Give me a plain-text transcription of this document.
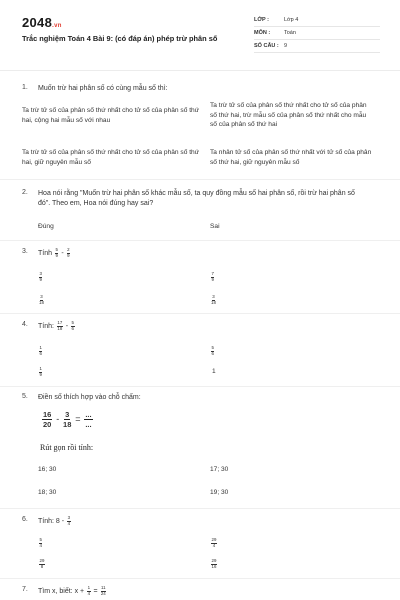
2048.vn
Trắc nghiệm Toán 4 Bài 9: (có đáp án) phép trừ phân số
LỚP :	Lớp 4
MÔN :	Toán
SỐ CÂU : 9
1. Muốn trừ hai phân số có cùng mẫu số thì:
Ta trừ tử số của phân số thứ nhất cho tử số của phân số thứ hai, cộng hai mẫu số với nhau
Ta trừ tử số của phân số thứ nhất cho tử số của phân số thứ hai, trừ mẫu số của phân số thứ nhất cho mẫu số của phân số thứ hai
Ta trừ tử số của phân số thứ nhất cho tử số của phân số thứ hai, giữ nguyên mẫu số
Ta nhân tử số của phân số thứ nhất với tử số của phân số thứ hai, giữ nguyên mẫu số
2. Hoa nói rằng "Muốn trừ hai phân số khác mẫu số, ta quy đồng mẫu số hai phân số, rồi trừ hai phân số đó". Theo em, Hoa nói đúng hay sai?
Đúng	Sai
3. Tính $\frac{5}{9} - \frac{2}{9}$
$\frac{3}{9}$	$\frac{7}{9}$
$\frac{3}{18}$	$\frac{3}{18}$
4. Tính: $\frac{17}{18} - \frac{5}{6}$
$\frac{1}{6}$	$\frac{5}{6}$
$\frac{1}{9}$	1
5. Điền số thích hợp vào chỗ chấm:
$\frac{16}{20} - \frac{3}{18}$ = ...
...
Rút gọn rồi tính:
16; 30	17; 30
18; 30	19; 30
6. Tính: $8 - \frac{3}{4}$
$\frac{5}{4}$	$\frac{29}{4}$
$\frac{29}{8}$	$\frac{29}{16}$
7. Tìm x, biết: $x + \frac{1}{4} = \frac{11}{24}$
